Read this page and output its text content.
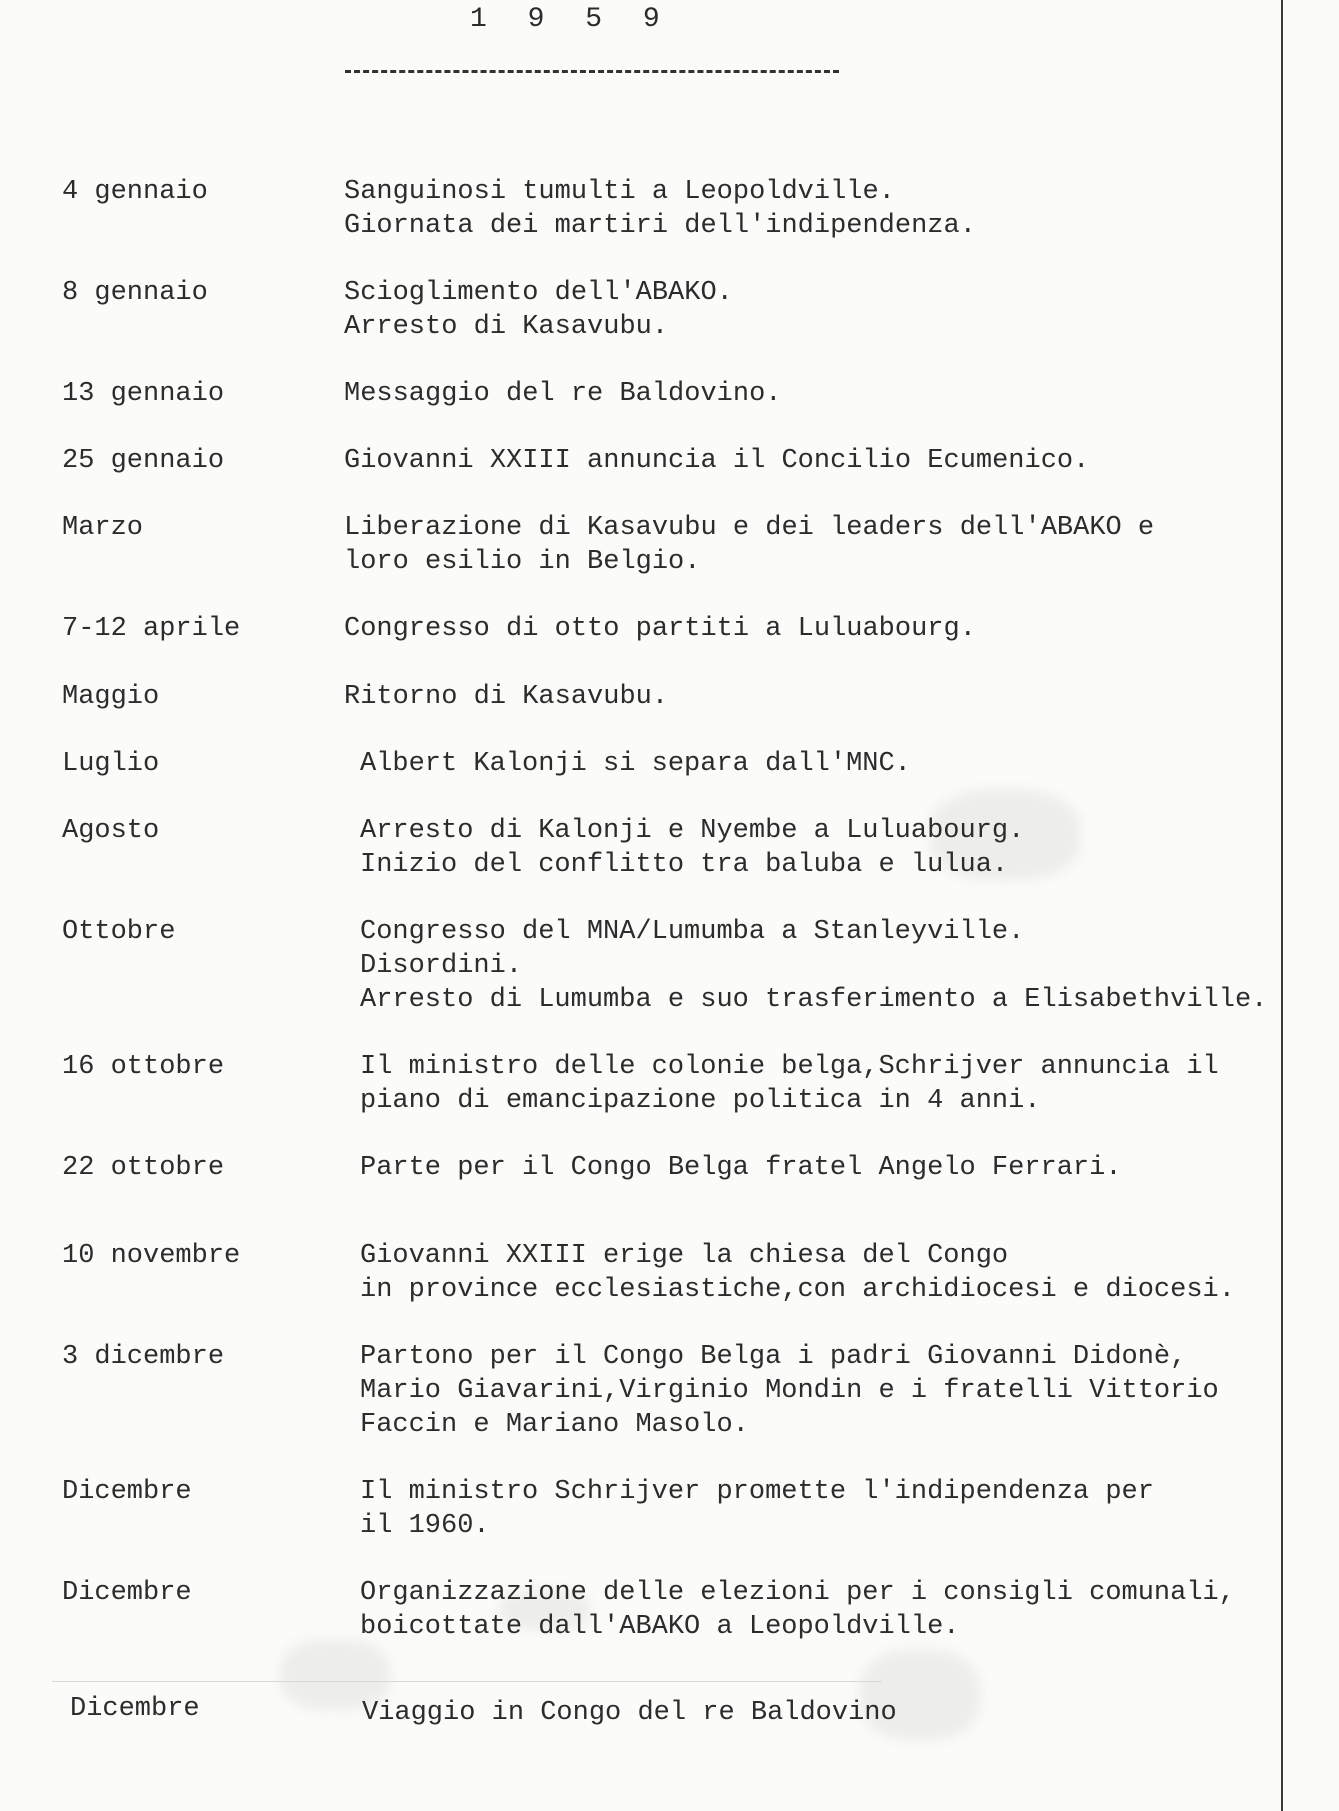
1 9 5 9
4 gennaio	Sanguinosi tumulti a Leopoldville.
Giornata dei martiri dell'indipendenza.
8 gennaio	Scioglimento dell'ABAKO.
Arresto di Kasavubu.
13 gennaio	Messaggio del re Baldovino.
25 gennaio	Giovanni XXIII annuncia il Concilio Ecumenico.
Marzo	Liberazione di Kasavubu e dei leaders dell'ABAKO e
loro esilio in Belgio.
7-12 aprile	Congresso di otto partiti a Luluabourg.
Maggio	Ritorno di Kasavubu.
Luglio	Albert Kalonji si separa dall'MNC.
Agosto	Arresto di Kalonji e Nyembe a Luluabourg.
Inizio del conflitto tra baluba e lulua.
Ottobre	Congresso del MNA/Lumumba a Stanleyville.
Disordini.
Arresto di Lumumba e suo trasferimento a Elisabethville.
16 ottobre	Il ministro delle colonie belga,Schrijver annuncia il
piano di emancipazione politica in 4 anni.
22 ottobre	Parte per il Congo Belga fratel Angelo Ferrari.
10 novembre	Giovanni XXIII erige la chiesa del Congo
in province ecclesiastiche,con archidiocesi e diocesi.
3 dicembre	Partono per il Congo Belga i padri Giovanni Didonè,
Mario Giavarini,Virginio Mondin e i fratelli Vittorio
Faccin e Mariano Masolo.
Dicembre	Il ministro Schrijver promette l'indipendenza per
il 1960.
Dicembre	Organizzazione delle elezioni per i consigli comunali,
boicottate dall'ABAKO a Leopoldville.
Dicembre	Viaggio in Congo del re Baldovino
